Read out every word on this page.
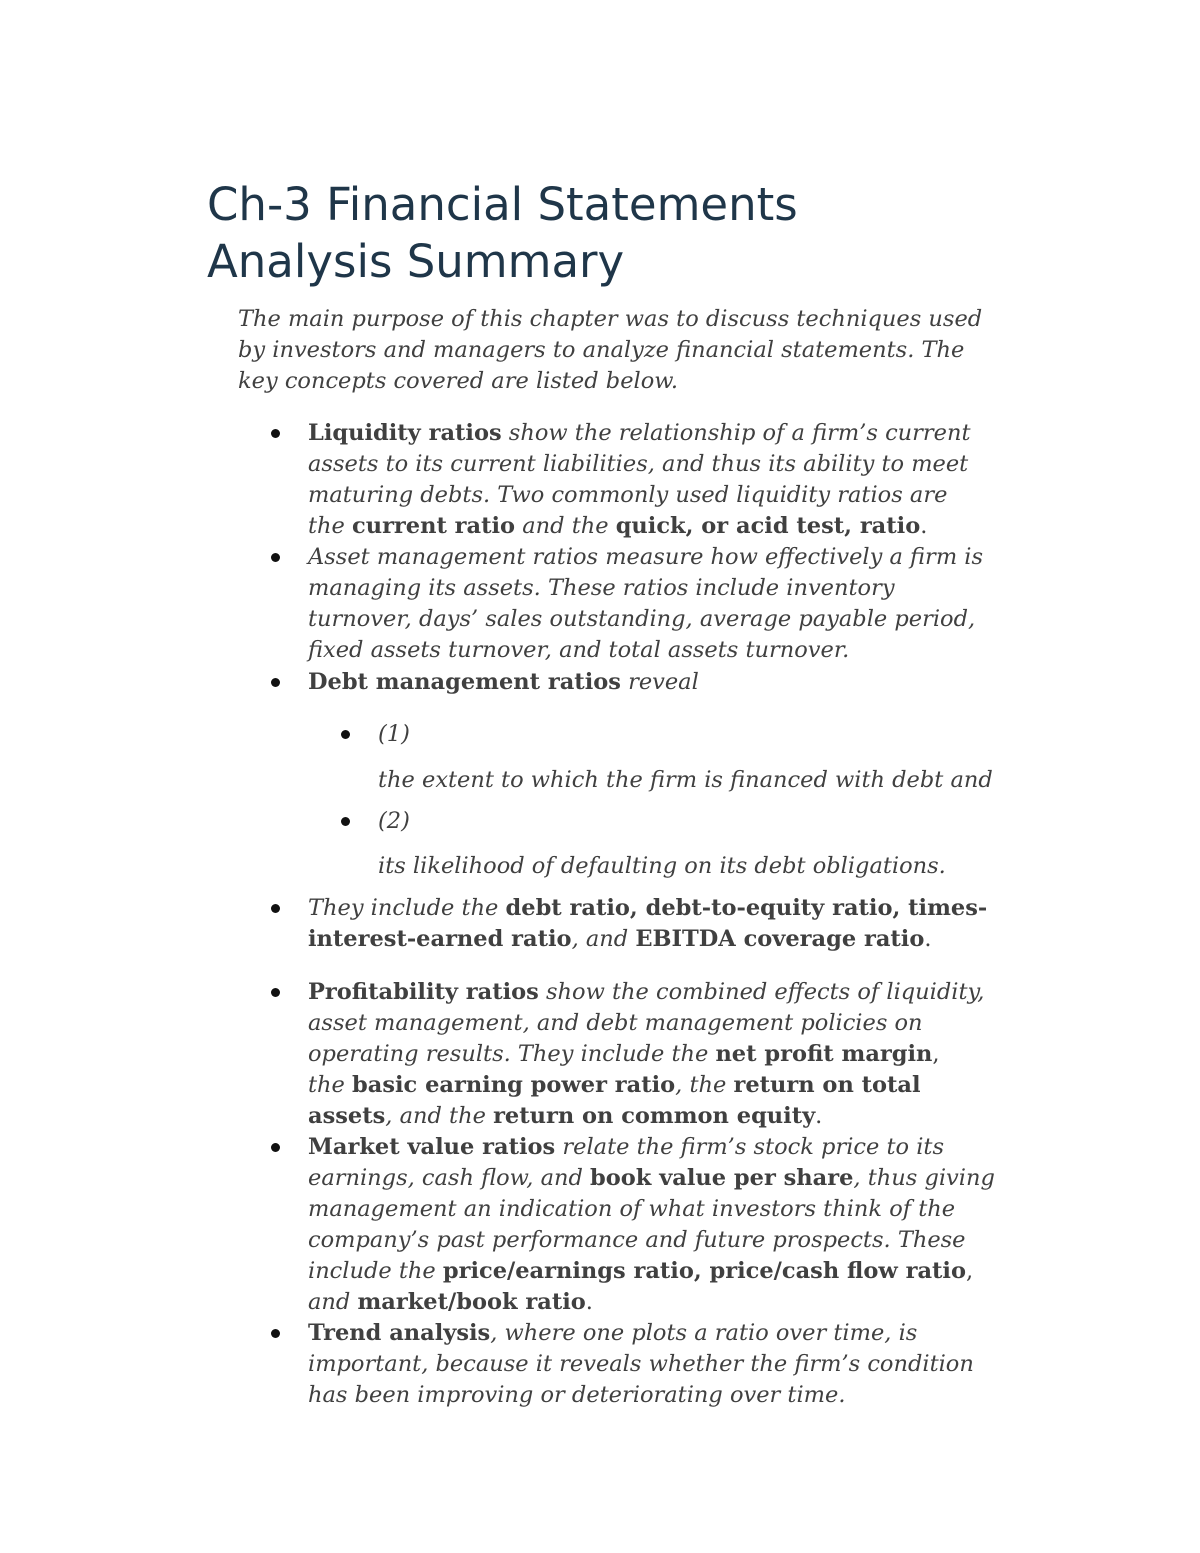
Ch-3 Financial Statements
Analysis Summary

The main purpose of this chapter was to discuss techniques used
by investors and managers to analyze financial statements. The
key concepts covered are listed below.

Liquidity ratios show the relationship of a firm’s current
assets to its current liabilities, and thus its ability to meet
maturing debts. Two commonly used liquidity ratios are
the current ratio and the quick, or acid test, ratio.

Asset management ratios measure how effectively a firm is
managing its assets. These ratios include inventory
turnover, days’ sales outstanding, average payable period,
fixed assets turnover, and total assets turnover.

Debt management ratios reveal

(1)

the extent to which the firm is financed with debt and

(2)

its likelihood of defaulting on its debt obligations.

They include the debt ratio, debt-to-equity ratio, times-
interest-earned ratio, and EBITDA coverage ratio.

Profitability ratios show the combined effects of liquidity,
asset management, and debt management policies on
operating results. They include the net profit margin,
the basic earning power ratio, the return on total
assets, and the return on common equity.

Market value ratios relate the firm’s stock price to its
earnings, cash flow, and book value per share, thus giving
management an indication of what investors think of the
company’s past performance and future prospects. These
include the price/earnings ratio, price/cash flow ratio,
and market/book ratio.

Trend analysis, where one plots a ratio over time, is
important, because it reveals whether the firm’s condition
has been improving or deteriorating over time.
